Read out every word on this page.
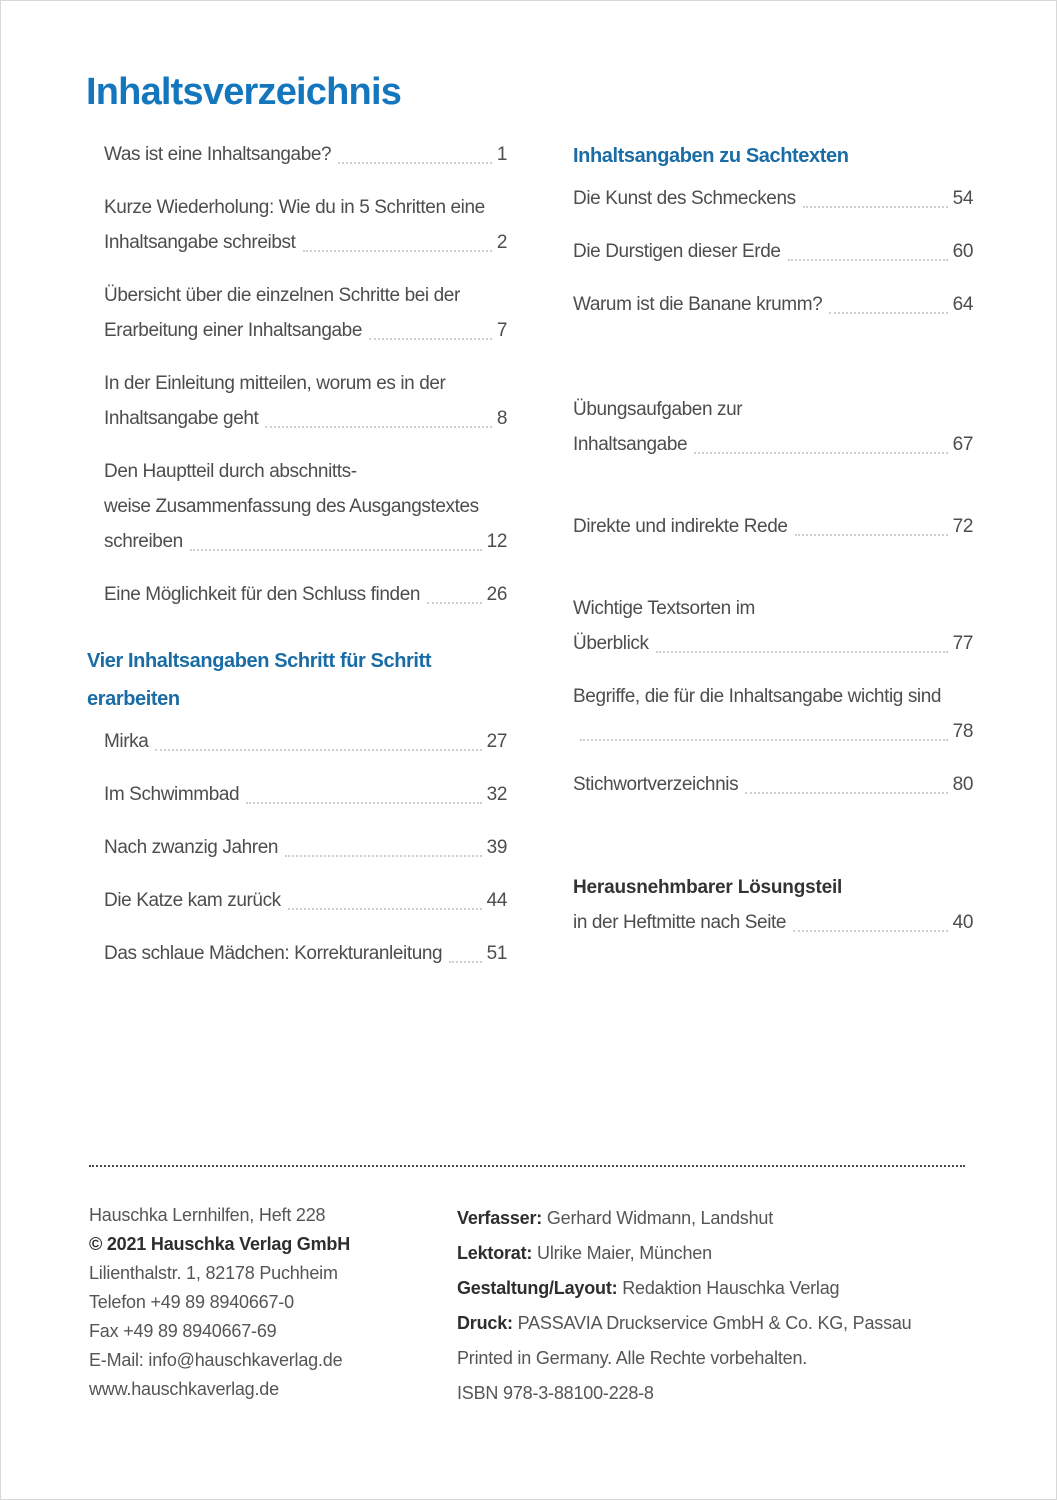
Inhaltsverzeichnis
Was ist eine Inhaltsangabe?	1
Kurze Wiederholung: Wie du in 5 Schritten eine
Inhaltsangabe schreibst	2
Übersicht über die einzelnen Schritte bei der
Erarbeitung einer Inhaltsangabe	7
In der Einleitung mitteilen, worum es in der
Inhaltsangabe geht	8
Den Hauptteil durch abschnitts-
weise Zusammenfassung des Ausgangstextes
schreiben	12
Eine Möglichkeit für den Schluss finden	26
Vier Inhaltsangaben Schritt für Schritt
erarbeiten
Mirka	27
Im Schwimmbad	32
Nach zwanzig Jahren	39
Die Katze kam zurück	44
Das schlaue Mädchen: Korrekturanleitung 51
Inhaltsangaben zu Sachtexten
Die Kunst des Schmeckens	54
Die Durstigen dieser Erde	60
Warum ist die Banane krumm?	64
Übungsaufgaben zur
Inhaltsangabe	67
Direkte und indirekte Rede	72
Wichtige Textsorten im
Überblick	77
Begriffe, die für die Inhaltsangabe wichtig sind
78
Stichwortverzeichnis	80
Herausnehmbarer Lösungsteil
in der Heftmitte nach Seite	40
Hauschka Lernhilfen, Heft 228
© 2021 Hauschka Verlag GmbH
Lilienthalstr. 1, 82178 Puchheim
Telefon +49 89 8940667-0
Fax +49 89 8940667-69
E-Mail: info@hauschkaverlag.de
www.hauschkaverlag.de
Verfasser: Gerhard Widmann, Landshut
Lektorat: Ulrike Maier, München
Gestaltung/Layout: Redaktion Hauschka Verlag
Druck: PASSAVIA Druckservice GmbH & Co. KG, Passau
Printed in Germany. Alle Rechte vorbehalten.
ISBN 978-3-88100-228-8
